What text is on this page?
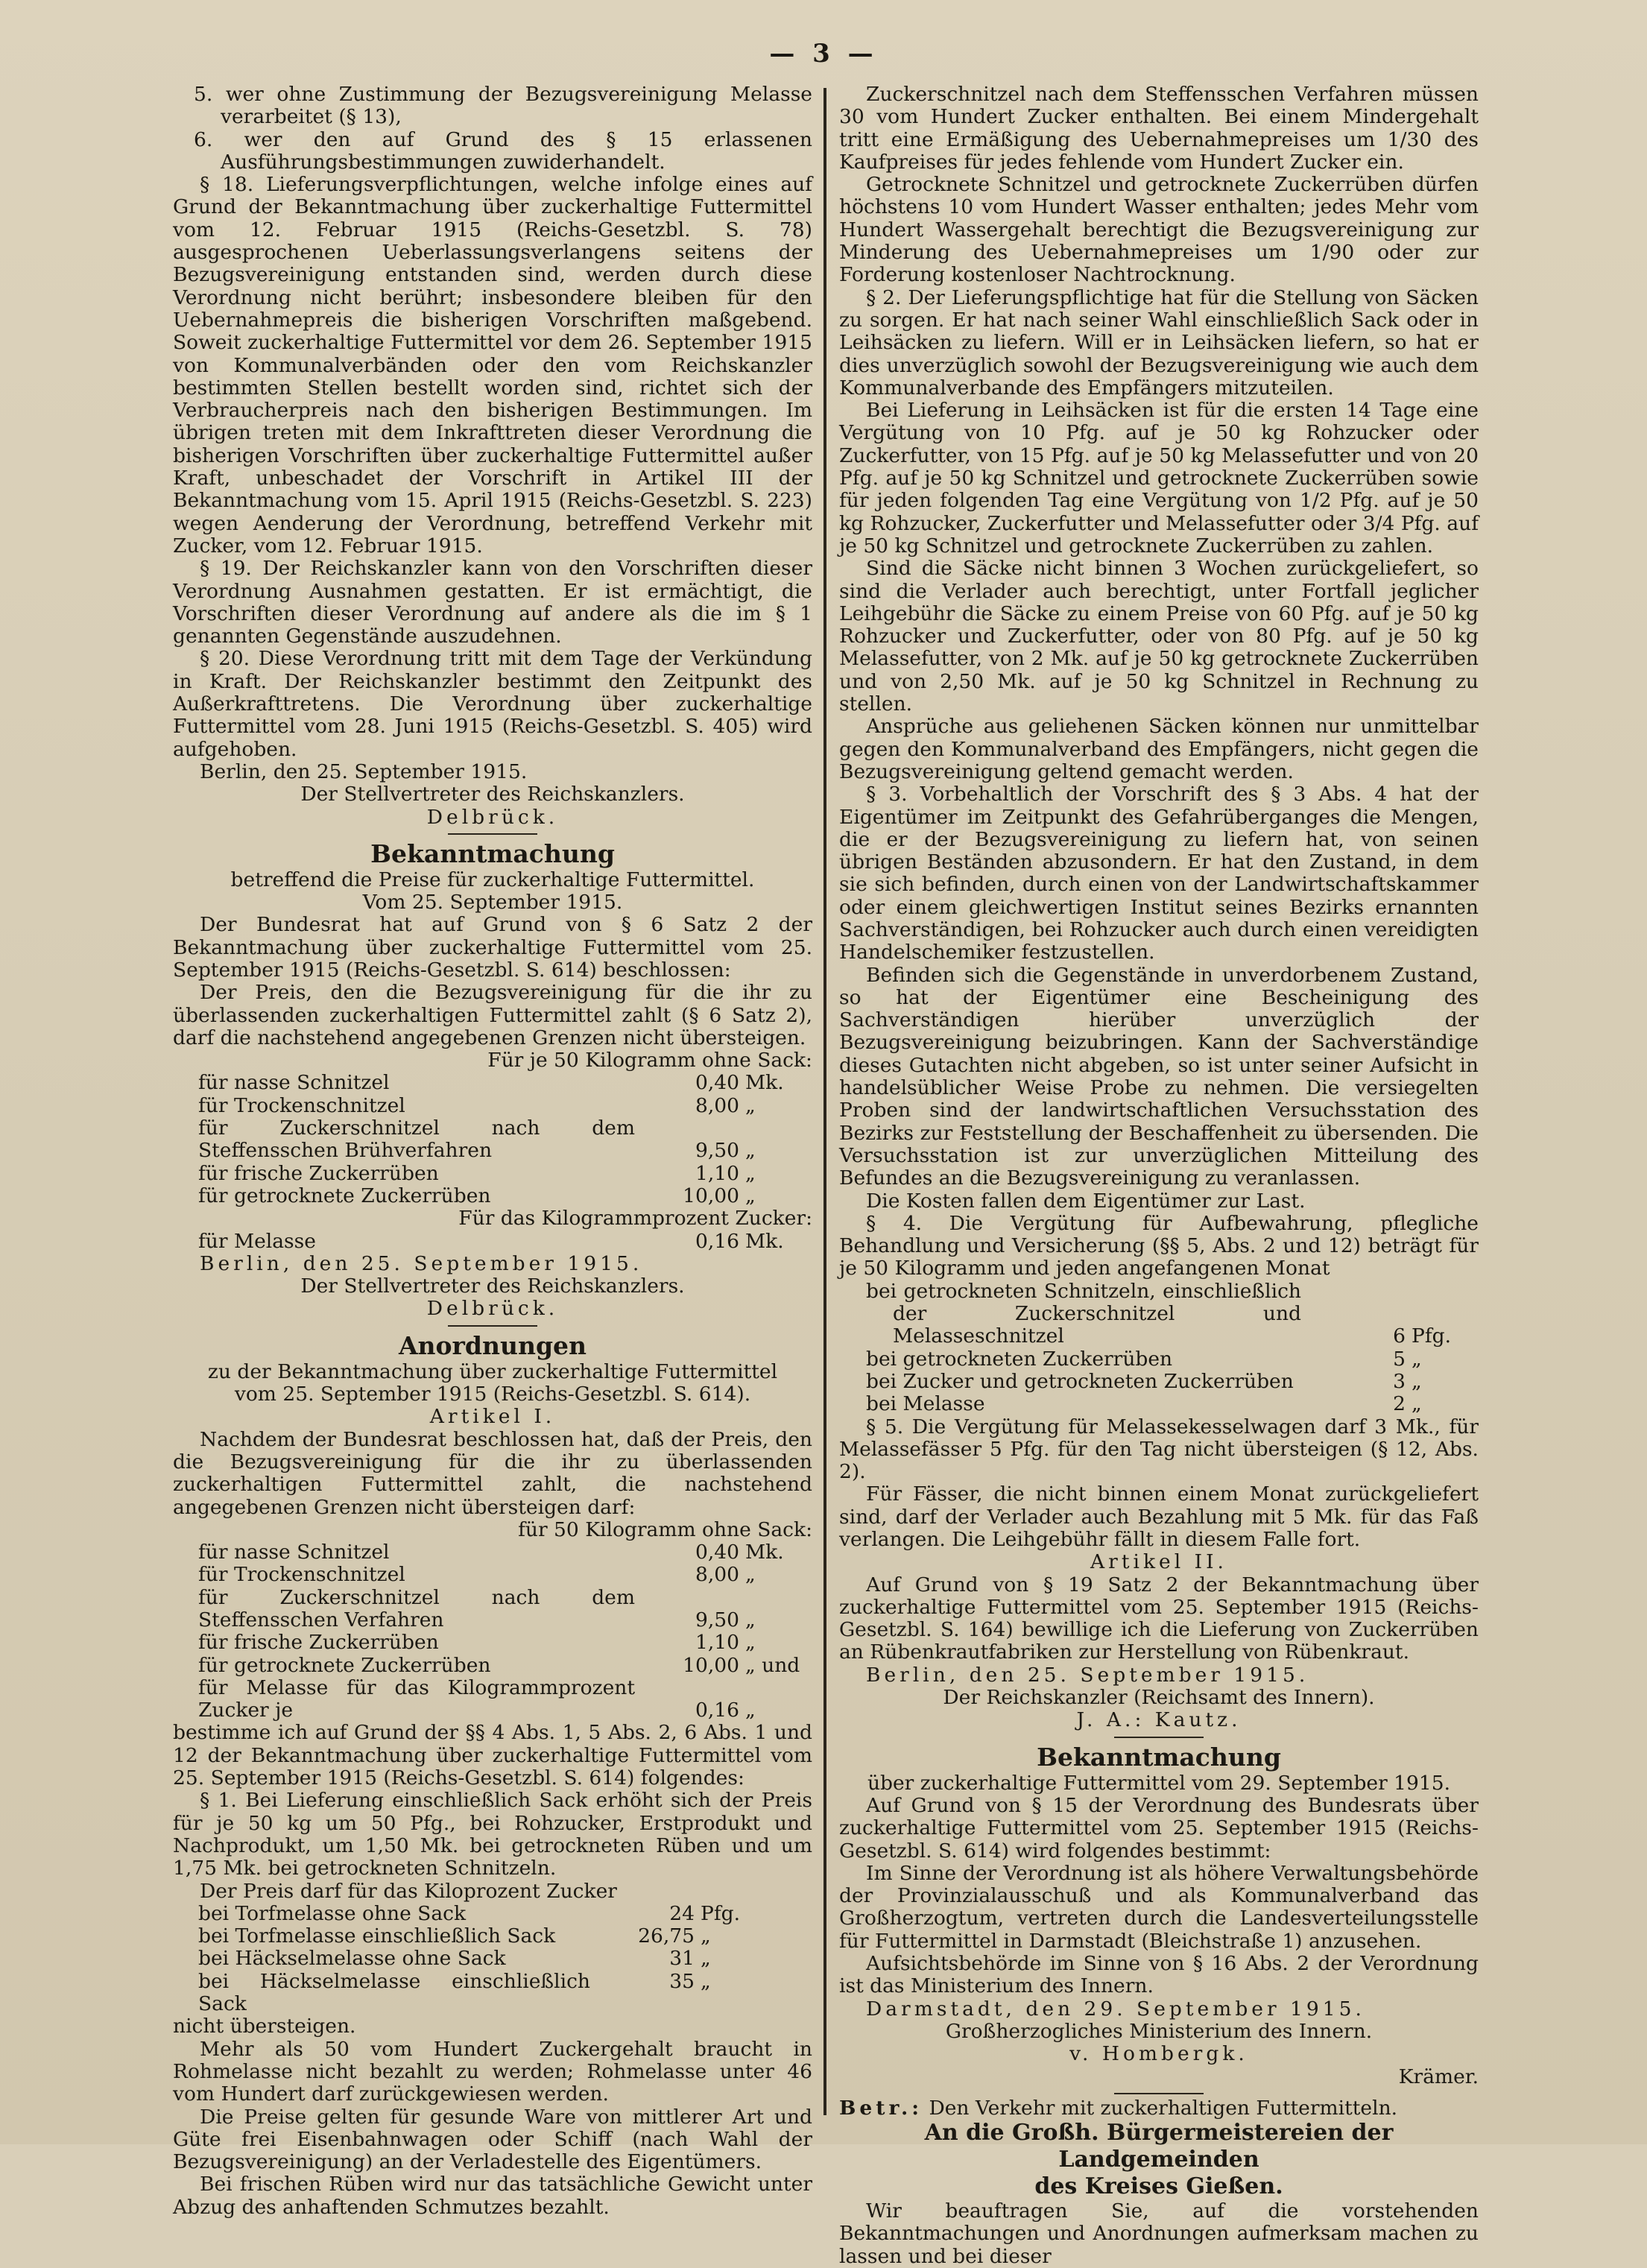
— 3 —

5. wer ohne Zustimmung der Bezugsvereinigung Melasse verarbeitet (§ 13),

6. wer den auf Grund des § 15 erlassenen Ausführungsbestimmungen zuwiderhandelt.

§ 18. Lieferungsverpflichtungen, welche infolge eines auf Grund der Bekanntmachung über zuckerhaltige Futtermittel vom 12. Februar 1915 (Reichs-Gesetzbl. S. 78) ausgesprochenen Ueberlassungsverlangens seitens der Bezugsvereinigung entstanden sind, werden durch diese Verordnung nicht berührt; insbesondere bleiben für den Uebernahmepreis die bisherigen Vorschriften maßgebend. Soweit zuckerhaltige Futtermittel vor dem 26. September 1915 von Kommunalverbänden oder den vom Reichskanzler bestimmten Stellen bestellt worden sind, richtet sich der Verbraucherpreis nach den bisherigen Bestimmungen. Im übrigen treten mit dem Inkrafttreten dieser Verordnung die bisherigen Vorschriften über zuckerhaltige Futtermittel außer Kraft, unbeschadet der Vorschrift in Artikel III der Bekanntmachung vom 15. April 1915 (Reichs-Gesetzbl. S. 223) wegen Aenderung der Verordnung, betreffend Verkehr mit Zucker, vom 12. Februar 1915.

§ 19. Der Reichskanzler kann von den Vorschriften dieser Verordnung Ausnahmen gestatten. Er ist ermächtigt, die Vorschriften dieser Verordnung auf andere als die im § 1 genannten Gegenstände auszudehnen.

§ 20. Diese Verordnung tritt mit dem Tage der Verkündung in Kraft. Der Reichskanzler bestimmt den Zeitpunkt des Außerkrafttretens. Die Verordnung über zuckerhaltige Futtermittel vom 28. Juni 1915 (Reichs-Gesetzbl. S. 405) wird aufgehoben.

Berlin, den 25. September 1915.

Der Stellvertreter des Reichskanzlers.

Delbrück.

Bekanntmachung

betreffend die Preise für zuckerhaltige Futtermittel.

Vom 25. September 1915.

Der Bundesrat hat auf Grund von § 6 Satz 2 der Bekanntmachung über zuckerhaltige Futtermittel vom 25. September 1915 (Reichs-Gesetzbl. S. 614) beschlossen:

Der Preis, den die Bezugsvereinigung für die ihr zu überlassenden zuckerhaltigen Futtermittel zahlt (§ 6 Satz 2), darf die nachstehend angegebenen Grenzen nicht übersteigen.

Für je 50 Kilogramm ohne Sack:

für nasse Schnitzel	0,40	Mk.
für Trockenschnitzel	8,00	„
für Zuckerschnitzel nach dem Steffensschen Brühverfahren	9,50	„
für frische Zuckerrüben	1,10	„
für getrocknete Zuckerrüben	10,00	„

Für das Kilogrammprozent Zucker:

für Melasse	0,16	Mk.

Berlin, den 25. September 1915.

Der Stellvertreter des Reichskanzlers.

Delbrück.

Anordnungen

zu der Bekanntmachung über zuckerhaltige Futtermittel

vom 25. September 1915 (Reichs-Gesetzbl. S. 614).

Artikel I.

Nachdem der Bundesrat beschlossen hat, daß der Preis, den die Bezugsvereinigung für die ihr zu überlassenden zuckerhaltigen Futtermittel zahlt, die nachstehend angegebenen Grenzen nicht übersteigen darf:

für 50 Kilogramm ohne Sack:

für nasse Schnitzel	0,40	Mk.
für Trockenschnitzel	8,00	„
für Zuckerschnitzel nach dem Steffensschen Verfahren	9,50	„
für frische Zuckerrüben	1,10	„
für getrocknete Zuckerrüben	10,00	„ und
für Melasse für das Kilogrammprozent Zucker je	0,16	„

bestimme ich auf Grund der §§ 4 Abs. 1, 5 Abs. 2, 6 Abs. 1 und 12 der Bekanntmachung über zuckerhaltige Futtermittel vom 25. September 1915 (Reichs-Gesetzbl. S. 614) folgendes:

§ 1. Bei Lieferung einschließlich Sack erhöht sich der Preis für je 50 kg um 50 Pfg., bei Rohzucker, Erstprodukt und Nachprodukt, um 1,50 Mk. bei getrockneten Rüben und um 1,75 Mk. bei getrockneten Schnitzeln.

Der Preis darf für das Kiloprozent Zucker

bei Torfmelasse ohne Sack	24	Pfg.	
bei Torfmelasse einschließlich Sack	26,75	„	
bei Häckselmelasse ohne Sack	31	„	
bei Häckselmelasse einschließlich Sack	35	„	

nicht übersteigen.

Mehr als 50 vom Hundert Zuckergehalt braucht in Rohmelasse nicht bezahlt zu werden; Rohmelasse unter 46 vom Hundert darf zurückgewiesen werden.

Die Preise gelten für gesunde Ware von mittlerer Art und Güte frei Eisenbahnwagen oder Schiff (nach Wahl der Bezugsvereinigung) an der Verladestelle des Eigentümers.

Bei frischen Rüben wird nur das tatsächliche Gewicht unter Abzug des anhaftenden Schmutzes bezahlt.

Zuckerschnitzel nach dem Steffensschen Verfahren müssen 30 vom Hundert Zucker enthalten. Bei einem Mindergehalt tritt eine Ermäßigung des Uebernahmepreises um 1/30 des Kaufpreises für jedes fehlende vom Hundert Zucker ein.

Getrocknete Schnitzel und getrocknete Zuckerrüben dürfen höchstens 10 vom Hundert Wasser enthalten; jedes Mehr vom Hundert Wassergehalt berechtigt die Bezugsvereinigung zur Minderung des Uebernahmepreises um 1/90 oder zur Forderung kostenloser Nachtrocknung.

§ 2. Der Lieferungspflichtige hat für die Stellung von Säcken zu sorgen. Er hat nach seiner Wahl einschließlich Sack oder in Leihsäcken zu liefern. Will er in Leihsäcken liefern, so hat er dies unverzüglich sowohl der Bezugsvereinigung wie auch dem Kommunalverbande des Empfängers mitzuteilen.

Bei Lieferung in Leihsäcken ist für die ersten 14 Tage eine Vergütung von 10 Pfg. auf je 50 kg Rohzucker oder Zuckerfutter, von 15 Pfg. auf je 50 kg Melassefutter und von 20 Pfg. auf je 50 kg Schnitzel und getrocknete Zuckerrüben sowie für jeden folgenden Tag eine Vergütung von 1/2 Pfg. auf je 50 kg Rohzucker, Zuckerfutter und Melassefutter oder 3/4 Pfg. auf je 50 kg Schnitzel und getrocknete Zuckerrüben zu zahlen.

Sind die Säcke nicht binnen 3 Wochen zurückgeliefert, so sind die Verlader auch berechtigt, unter Fortfall jeglicher Leihgebühr die Säcke zu einem Preise von 60 Pfg. auf je 50 kg Rohzucker und Zuckerfutter, oder von 80 Pfg. auf je 50 kg Melassefutter, von 2 Mk. auf je 50 kg getrocknete Zuckerrüben und von 2,50 Mk. auf je 50 kg Schnitzel in Rechnung zu stellen.

Ansprüche aus geliehenen Säcken können nur unmittelbar gegen den Kommunalverband des Empfängers, nicht gegen die Bezugsvereinigung geltend gemacht werden.

§ 3. Vorbehaltlich der Vorschrift des § 3 Abs. 4 hat der Eigentümer im Zeitpunkt des Gefahrüberganges die Mengen, die er der Bezugsvereinigung zu liefern hat, von seinen übrigen Beständen abzusondern. Er hat den Zustand, in dem sie sich befinden, durch einen von der Landwirtschaftskammer oder einem gleichwertigen Institut seines Bezirks ernannten Sachverständigen, bei Rohzucker auch durch einen vereidigten Handelschemiker festzustellen.

Befinden sich die Gegenstände in unverdorbenem Zustand, so hat der Eigentümer eine Bescheinigung des Sachverständigen hierüber unverzüglich der Bezugsvereinigung beizubringen. Kann der Sachverständige dieses Gutachten nicht abgeben, so ist unter seiner Aufsicht in handelsüblicher Weise Probe zu nehmen. Die versiegelten Proben sind der landwirtschaftlichen Versuchsstation des Bezirks zur Feststellung der Beschaffenheit zu übersenden. Die Versuchsstation ist zur unverzüglichen Mitteilung des Befundes an die Bezugsvereinigung zu veranlassen.

Die Kosten fallen dem Eigentümer zur Last.

§ 4. Die Vergütung für Aufbewahrung, pflegliche Behandlung und Versicherung (§§ 5, Abs. 2 und 12) beträgt für je 50 Kilogramm und jeden angefangenen Monat

bei getrockneten Schnitzeln, einschließlich der Zuckerschnitzel und Melasseschnitzel	6	Pfg.
bei getrockneten Zuckerrüben	5	„
bei Zucker und getrockneten Zuckerrüben	3	„
bei Melasse	2	„

§ 5. Die Vergütung für Melassekesselwagen darf 3 Mk., für Melassefässer 5 Pfg. für den Tag nicht übersteigen (§ 12, Abs. 2).

Für Fässer, die nicht binnen einem Monat zurückgeliefert sind, darf der Verlader auch Bezahlung mit 5 Mk. für das Faß verlangen. Die Leihgebühr fällt in diesem Falle fort.

Artikel II.

Auf Grund von § 19 Satz 2 der Bekanntmachung über zuckerhaltige Futtermittel vom 25. September 1915 (Reichs-Gesetzbl. S. 164) bewillige ich die Lieferung von Zuckerrüben an Rübenkrautfabriken zur Herstellung von Rübenkraut.

Berlin, den 25. September 1915.

Der Reichskanzler (Reichsamt des Innern).

J. A.: Kautz.

Bekanntmachung

über zuckerhaltige Futtermittel vom 29. September 1915.

Auf Grund von § 15 der Verordnung des Bundesrats über zuckerhaltige Futtermittel vom 25. September 1915 (Reichs-Gesetzbl. S. 614) wird folgendes bestimmt:

Im Sinne der Verordnung ist als höhere Verwaltungsbehörde der Provinzialausschuß und als Kommunalverband das Großherzogtum, vertreten durch die Landesverteilungsstelle für Futtermittel in Darmstadt (Bleichstraße 1) anzusehen.

Aufsichtsbehörde im Sinne von § 16 Abs. 2 der Verordnung ist das Ministerium des Innern.

Darmstadt, den 29. September 1915.

Großherzogliches Ministerium des Innern.

v. Hombergk.

Krämer.

Betr.: Den Verkehr mit zuckerhaltigen Futtermitteln.

An die Großh. Bürgermeistereien der Landgemeinden

des Kreises Gießen.

Wir beauftragen Sie, auf die vorstehenden Bekanntmachungen und Anordnungen aufmerksam machen zu lassen und bei dieser
